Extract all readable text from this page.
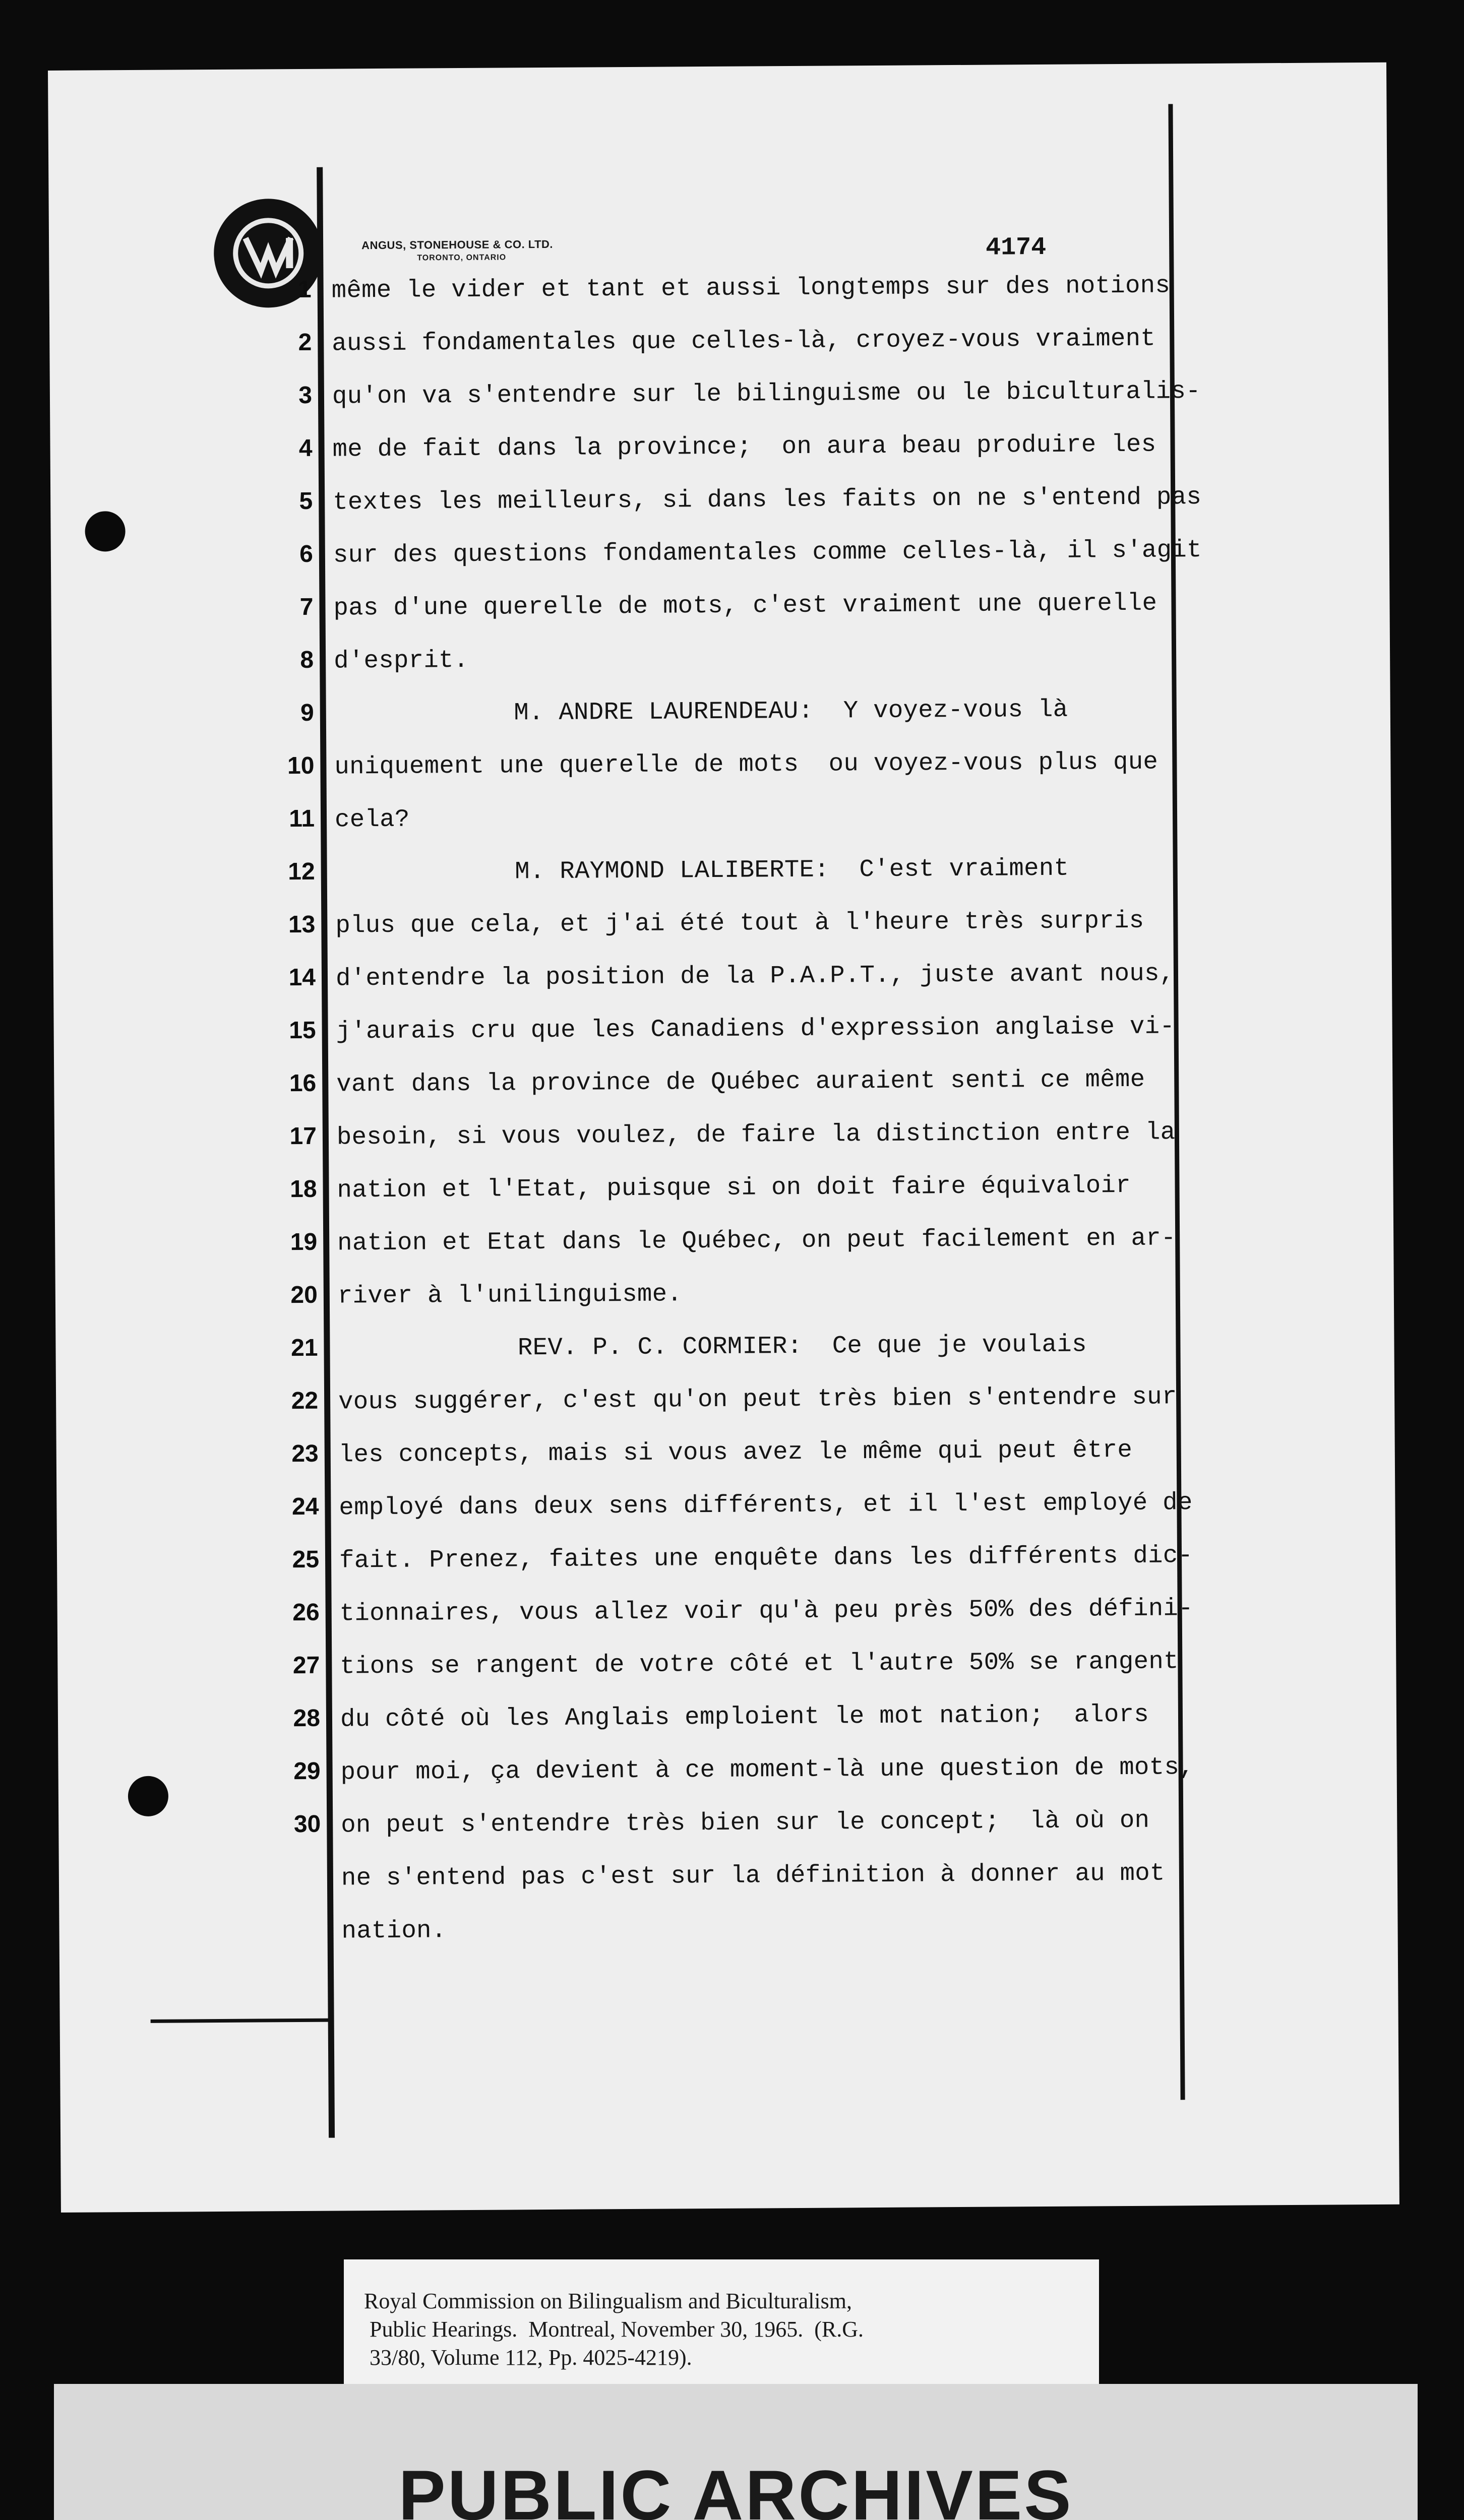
ANGUS, STONEHOUSE & CO. LTD.
TORONTO, ONTARIO	4174
1 même le vider et tant et aussi longtemps sur des notions
2 aussi fondamentales que celles-là, croyez-vous vraiment
3 qu'on va s'entendre sur le bilinguisme ou le biculturalis-
4 me de fait dans la province;  on aura beau produire les
5 textes les meilleurs, si dans les faits on ne s'entend pas
6 sur des questions fondamentales comme celles-là, il s'agit
7 pas d'une querelle de mots, c'est vraiment une querelle
8 d'esprit.
9 M. ANDRE LAURENDEAU:  Y voyez-vous là
10 uniquement une querelle de mots  ou voyez-vous plus que
11 cela?
12 M. RAYMOND LALIBERTE:  C'est vraiment
13 plus que cela, et j'ai été tout à l'heure très surpris
14 d'entendre la position de la P.A.P.T., juste avant nous,
15 j'aurais cru que les Canadiens d'expression anglaise vi-
16 vant dans la province de Québec auraient senti ce même
17 besoin, si vous voulez, de faire la distinction entre la
18 nation et l'Etat, puisque si on doit faire équivaloir
19 nation et Etat dans le Québec, on peut facilement en ar-
20 river à l'unilinguisme.
21 REV. P. C. CORMIER:  Ce que je voulais
22 vous suggérer, c'est qu'on peut très bien s'entendre sur
23 les concepts, mais si vous avez le même qui peut être
24 employé dans deux sens différents, et il l'est employé de
25 fait. Prenez, faites une enquête dans les différents dic-
26 tionnaires, vous allez voir qu'à peu près 50% des défini-
27 tions se rangent de votre côté et l'autre 50% se rangent
28 du côté où les Anglais emploient le mot nation;  alors
29 pour moi, ça devient à ce moment-là une question de mots,
30 on peut s'entendre très bien sur le concept;  là où on
ne s'entend pas c'est sur la définition à donner au mot
nation.
Royal Commission on Bilingualism and Biculturalism,
Public Hearings.  Montreal, November 30, 1965.  (R.G.
33/80, Volume 112, Pp. 4025-4219).
PUBLIC ARCHIVES
